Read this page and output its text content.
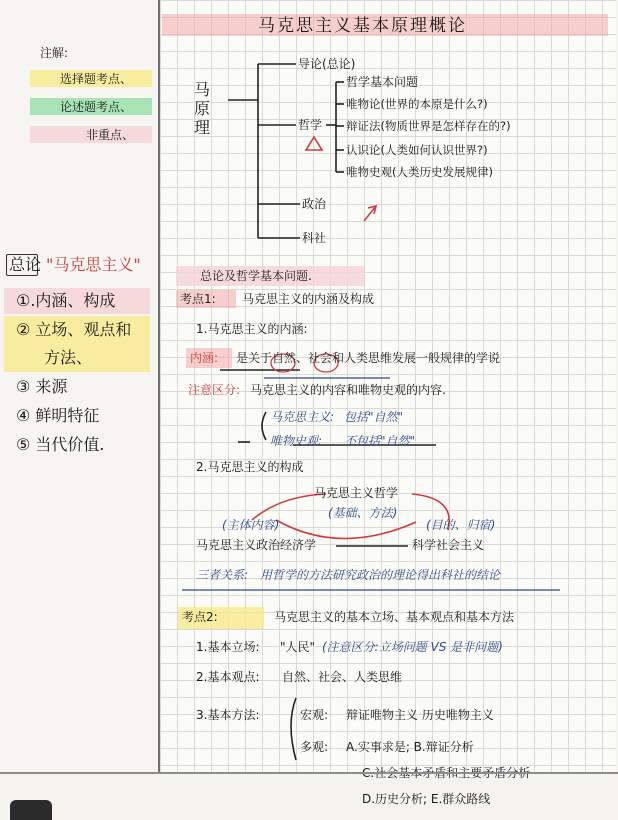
马克思主义基本原理概论
注解:
选择题考点、
论述题考点、
非重点、
总论 "马克思主义"
①.内涵、构成
② 立场、观点和
方法、
③ 来源
④ 鲜明特征
⑤ 当代价值.
马
原
理
导论(总论)
哲学
政治
科社
哲学基本问题
唯物论(世界的本原是什么?)
辩证法(物质世界是怎样存在的?)
认识论(人类如何认识世界?)
唯物史观(人类历史发展规律)
总论及哲学基本问题.
考点1: 马克思主义的内涵及构成
1.马克思主义的内涵:
内涵: 是关于自然、社会和人类思维发展一般规律的学说
注意区分: 马克思主义的内容和唯物史观的内容.
马克思主义: 包括"自然"
唯物史观: 不包括"自然"
2.马克思主义的构成
马克思主义哲学
(基础、方法)
(主体内容)	(目的、归宿)
马克思主义政治经济学	科学社会主义
三者关系: 用哲学的方法研究政治的理论得出科社的结论
考点2:	马克思主义的基本立场、基本观点和基本方法
1.基本立场: "人民" (注意区分:立场问题 VS 是非问题)
2.基本观点: 自然、社会、人类思维
3.基本方法:	宏观: 辩证唯物主义 历史唯物主义
多观: A.实事求是; B.辩证分析
D.历史分析; E.群众路线
